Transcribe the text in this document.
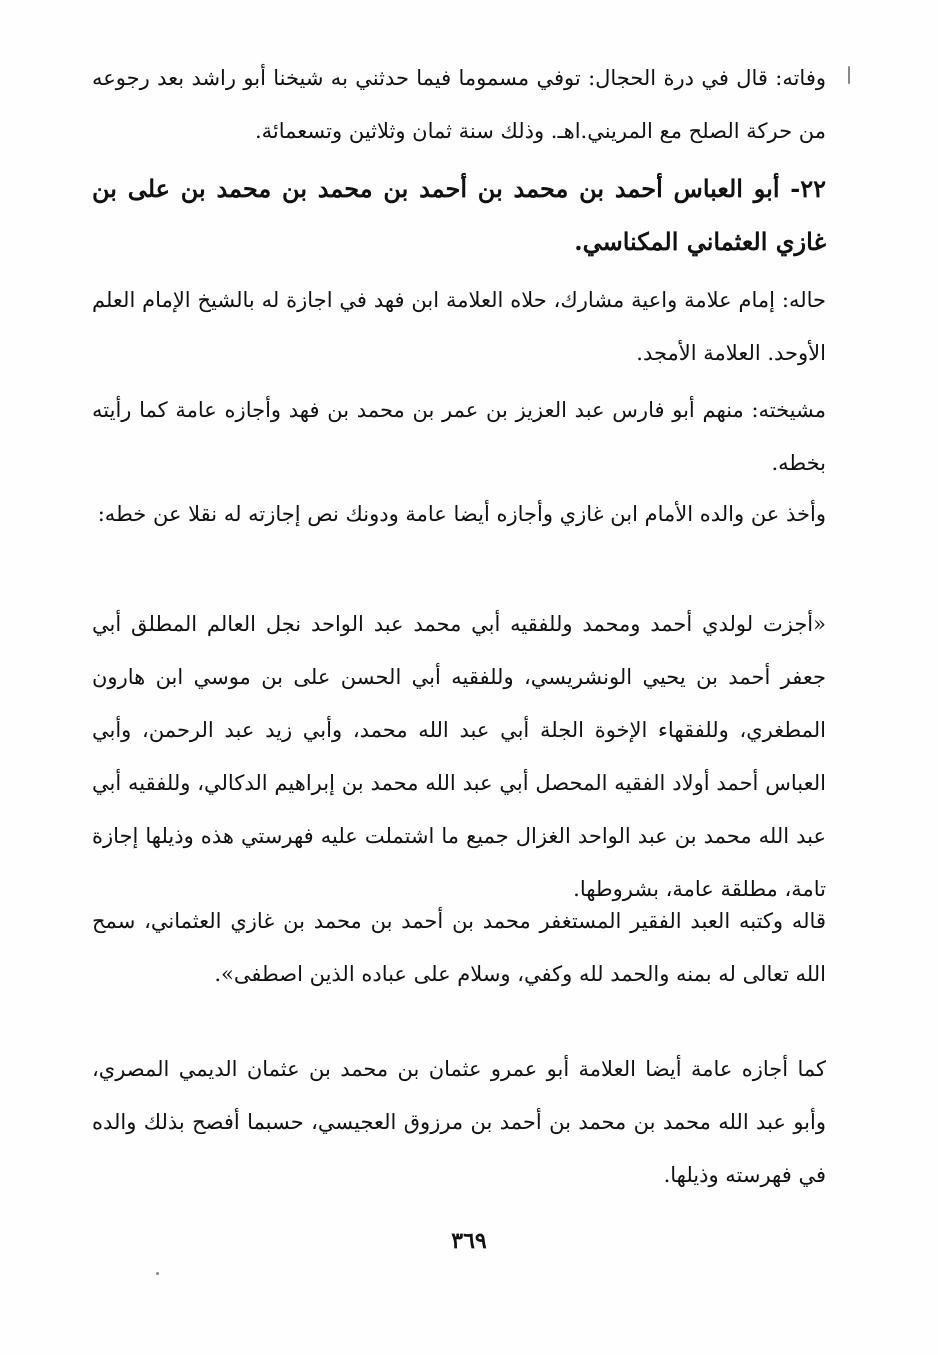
وفاته: قال في درة الحجال: توفي مسموما فيما حدثني به شيخنا أبو راشد بعد رجوعه من حركة الصلح مع المريني.اهـ. وذلك سنة ثمان وثلاثين وتسعمائة.

٢٢- أبو العباس أحمد بن محمد بن أحمد بن محمد بن محمد بن على بن غازي العثماني المكناسي.

حاله: إمام علامة واعية مشارك، حلاه العلامة ابن فهد في اجازة له بالشيخ الإمام العلم الأوحد. العلامة الأمجد.

مشيخته: منهم أبو فارس عبد العزيز بن عمر بن محمد بن فهد وأجازه عامة كما رأيته بخطه.

وأخذ عن والده الأمام ابن غازي وأجازه أيضا عامة ودونك نص إجازته له نقلا عن خطه:

«أجزت لولدي أحمد ومحمد وللفقيه أبي محمد عبد الواحد نجل العالم المطلق أبي جعفر أحمد بن يحيي الونشريسي، وللفقيه أبي الحسن على بن موسي ابن هارون المطغري، وللفقهاء الإخوة الجلة أبي عبد الله محمد، وأبي زيد عبد الرحمن، وأبي العباس أحمد أولاد الفقيه المحصل أبي عبد الله محمد بن إبراهيم الدكالي، وللفقيه أبي عبد الله محمد بن عبد الواحد الغزال جميع ما اشتملت عليه فهرستي هذه وذيلها إجازة تامة، مطلقة عامة، بشروطها.

قاله وكتبه العبد الفقير المستغفر محمد بن أحمد بن محمد بن غازي العثماني، سمح الله تعالى له بمنه والحمد لله وكفي، وسلام على عباده الذين اصطفى».

كما أجازه عامة أيضا العلامة أبو عمرو عثمان بن محمد بن عثمان الديمي المصري، وأبو عبد الله محمد بن محمد بن أحمد بن مرزوق العجيسي، حسبما أفصح بذلك والده في فهرسته وذيلها.

٣٦٩
